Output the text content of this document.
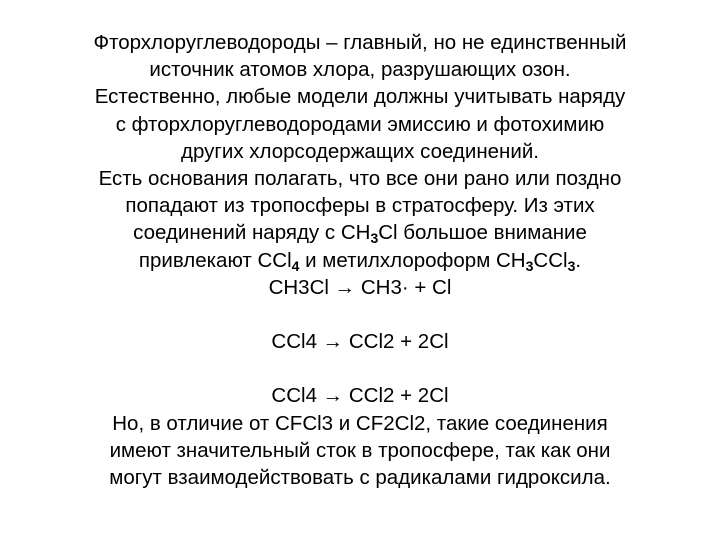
Фторхлоруглеводороды – главный, но не единственный
источник атомов хлора, разрушающих озон.
Естественно, любые модели должны учитывать наряду
с фторхлоруглеводородами эмиссию и фотохимию
других хлорсодержащих соединений.
Есть основания полагать, что все они рано или поздно
попадают из тропосферы в стратосферу. Из этих
соединений наряду с $CH_3Cl$ большое внимание
привлекают CCl$_4$ и метилхлороформ $CH_3CCl_3$.
CH3Cl → CH3· + Cl
CCl4 → CCl2 + 2Cl
CCl4 → CCl2 + 2Cl
Но, в отличие от CFCl3 и CF2Cl2, такие соединения
имеют значительный сток в тропосфере, так как они
могут взаимодействовать с радикалами гидроксила.
